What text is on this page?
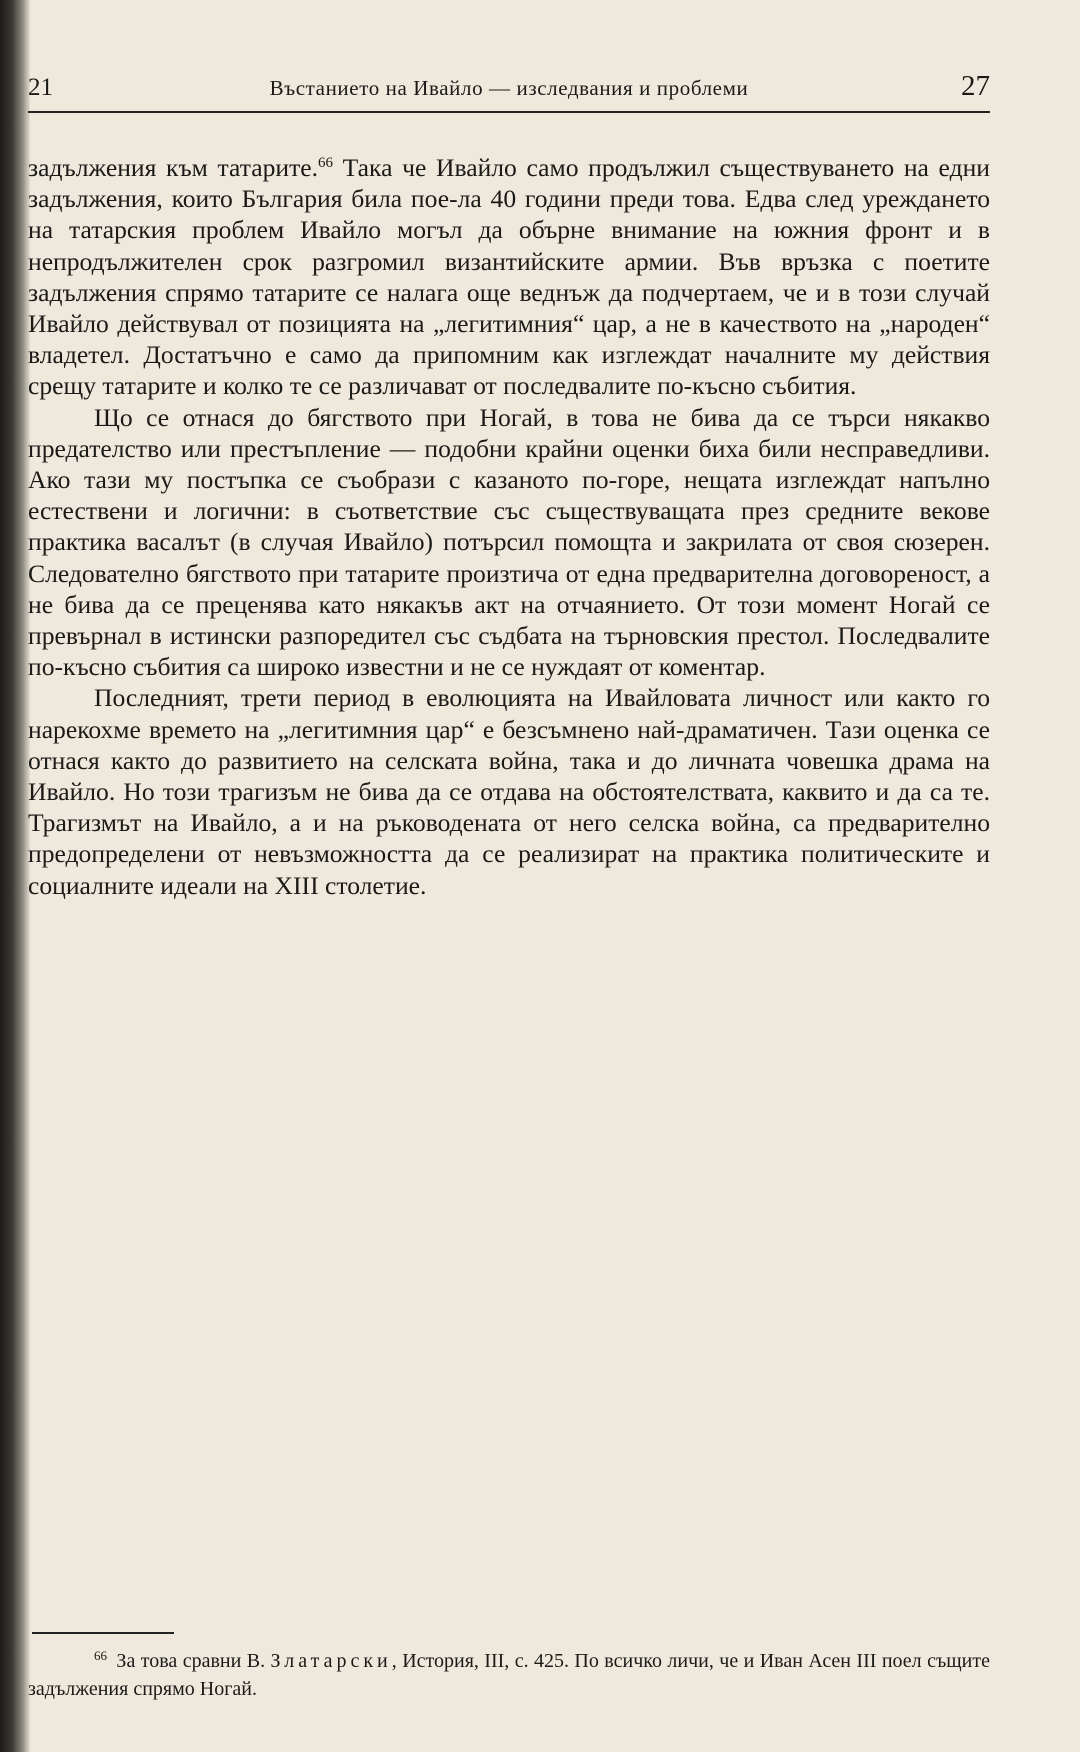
21	Въстанието на Ивайло — изследвания и проблеми	27

задължения към татарите.$^{66}$ Така че Ивайло само продължил съществуването на едни задължения, които България била пое-ла 40 години преди това. Едва след уреждането на татарския проблем Ивайло могъл да обърне внимание на южния фронт и в непродължителен срок разгромил византийските армии. Във връзка с поетите задължения спрямо татарите се налага още веднъж да подчертаем, че и в този случай Ивайло действувал от позицията на „легитимния“ цар, а не в качеството на „народен“ владетел. Достатъчно е само да припомним как изглеждат началните му действия срещу татарите и колко те се различават от последвалите по-късно събития.

Що се отнася до бягството при Ногай, в това не бива да се търси някакво предателство или престъпление — подобни крайни оценки биха били несправедливи. Ако тази му постъпка се съобрази с казаното по-горе, нещата изглеждат напълно естествени и логични: в съответствие със съществуващата през средните векове практика васалът (в случая Ивайло) потърсил помощта и закрилата от своя сюзерен. Следователно бягството при татарите произтича от една предварителна договореност, а не бива да се преценява като някакъв акт на отчаянието. От този момент Ногай се превърнал в истински разпоредител със съдбата на търновския престол. Последвалите по-късно събития са широко известни и не се нуждаят от коментар.

Последният, трети период в еволюцията на Ивайловата личност или както го нарекохме времето на „легитимния цар“ е безсъмнено най-драматичен. Тази оценка се отнася както до развитието на селската война, така и до личната човешка драма на Ивайло. Но този трагизъм не бива да се отдава на обстоятелствата, каквито и да са те. Трагизмът на Ивайло, а и на ръководената от него селска война, са предварително предопределени от невъзможността да се реализират на практика политическите и социалните идеали на XIII столетие.

$^{66}$ За това сравни В. Златарски, История, III, с. 425. По всичко личи, че и Иван Асен III поел същите задължения спрямо Ногай.
